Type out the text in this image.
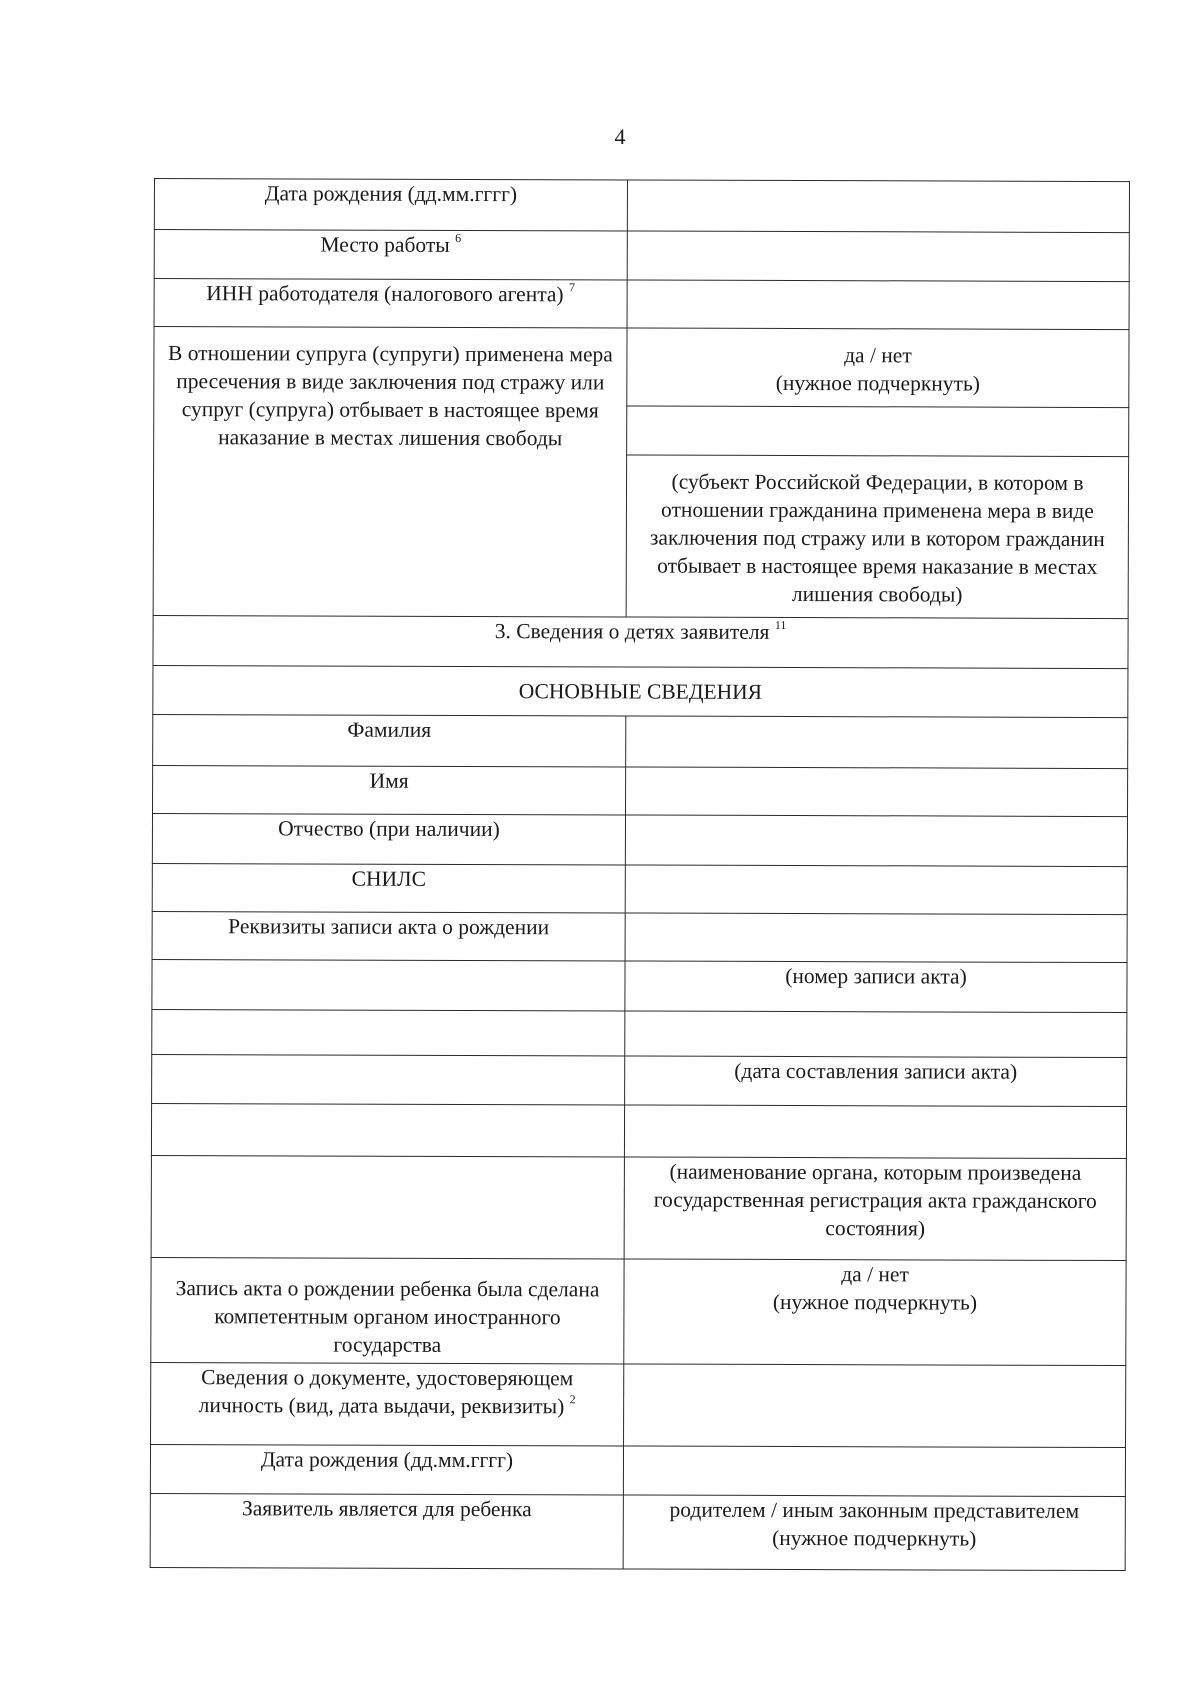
4
Дата рождения (дд.мм.гггг)	
Место работы $^6$	
ИНН работодателя (налогового агента) $^7$	
В отношении супруга (супруги) применена мера пресечения в виде заключения под стражу или супруг (супруга) отбывает в настоящее время наказание в местах лишения свободы	да / нет
(нужное подчеркнуть)

	(субъект Российской Федерации, в котором в отношении гражданина применена мера в виде заключения под стражу или в котором гражданин отбывает в настоящее время наказание в местах лишения свободы)
3. Сведения о детях заявителя $^{11}$
ОСНОВНЫЕ СВЕДЕНИЯ	
Фамилия	
Имя	
Отчество (при наличии)	
СНИЛС	
Реквизиты записи акта о рождении	
	(номер записи акта)

	(дата составления записи акта)

	(наименование органа, которым произведена государственная регистрация акта гражданского состояния)
Запись акта о рождении ребенка была сделана компетентным органом иностранного государства	да / нет
(нужное подчеркнуть)

Сведения о документе, удостоверяющем личность (вид, дата выдачи, реквизиты) $^2$	
Дата рождения (дд.мм.гггг)	
Заявитель является для ребенка	родителем / иным законным представителем
(нужное подчеркнуть)
